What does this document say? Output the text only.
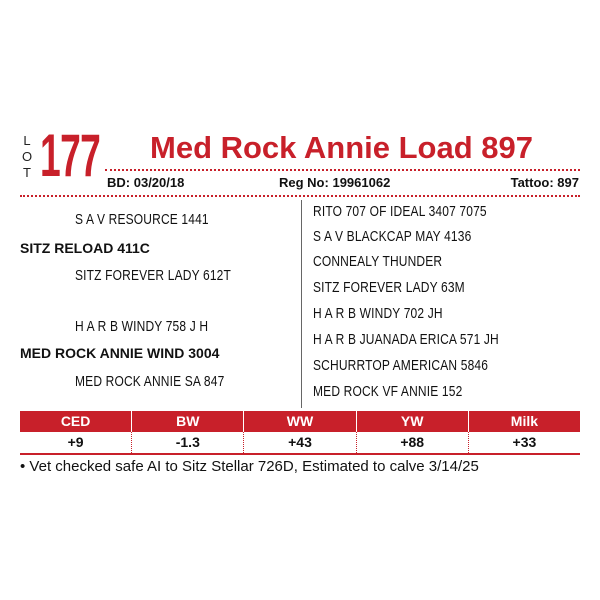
L
O
T 177 Med Rock Annie Load 897
BD: 03/20/18	Reg No: 19961062	Tattoo: 897
S A V RESOURCE 1441
SITZ RELOAD 411C
SITZ FOREVER LADY 612T
H A R B WINDY 758 J H
MED ROCK ANNIE WIND 3004
MED ROCK ANNIE SA 847
RITO 707 OF IDEAL 3407 7075
S A V BLACKCAP MAY 4136
CONNEALY THUNDER
SITZ FOREVER LADY 63M
H A R B WINDY 702 JH
H A R B JUANADA ERICA 571 JH
SCHURRTOP AMERICAN 5846
MED ROCK VF ANNIE 152
CED	BW	WW	YW	Milk
+9	-1.3	+43	+88	+33
• Vet checked safe AI to Sitz Stellar 726D, Estimated to calve 3/14/25
